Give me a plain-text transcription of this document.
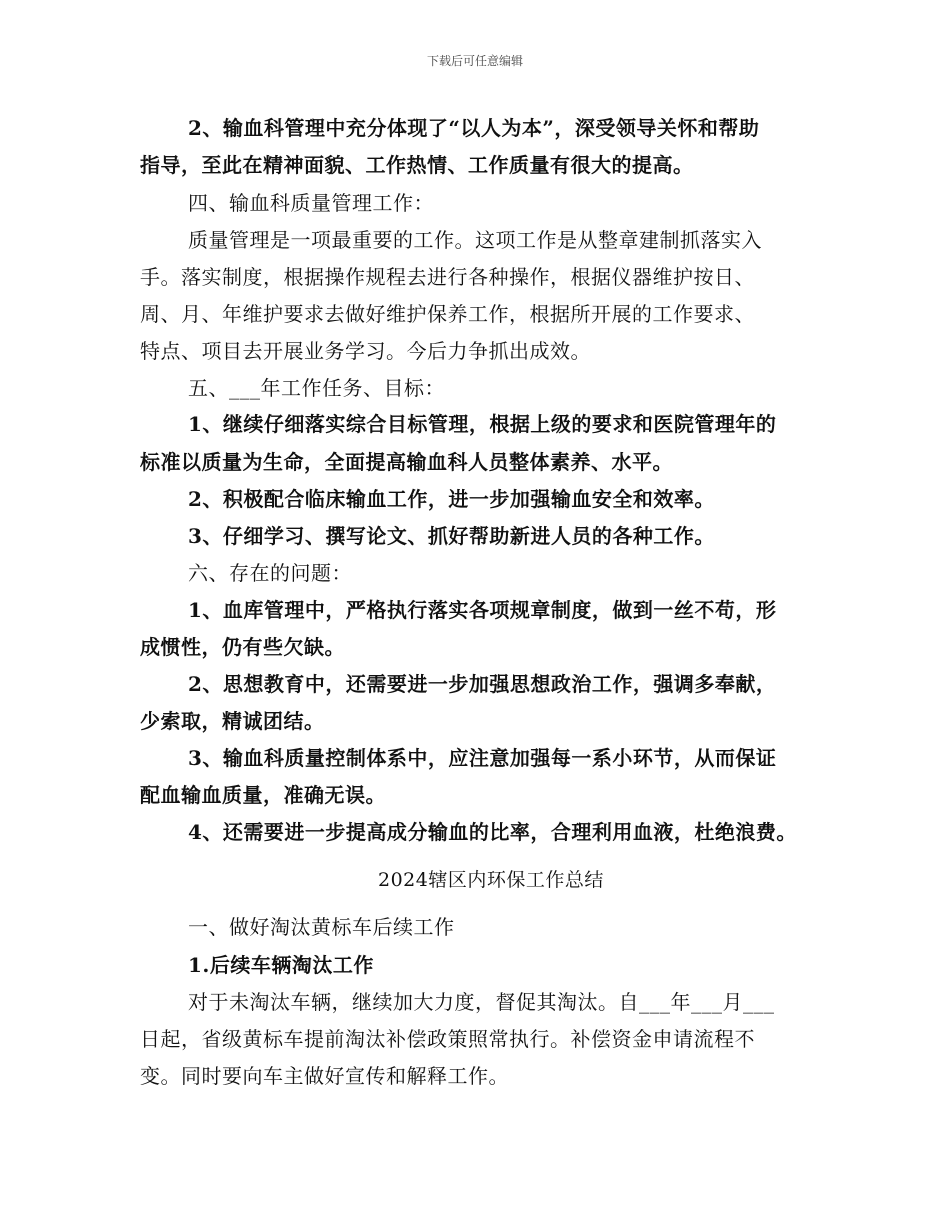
下载后可任意编辑
2、输血科管理中充分体现了“以人为本”，深受领导关怀和帮助
指导，至此在精神面貌、工作热情、工作质量有很大的提高。
四、输血科质量管理工作：
质量管理是一项最重要的工作。这项工作是从整章建制抓落实入
手。落实制度，根据操作规程去进行各种操作，根据仪器维护按日、
周、月、年维护要求去做好维护保养工作，根据所开展的工作要求、
特点、项目去开展业务学习。今后力争抓出成效。
五、___年工作任务、目标：
1、继续仔细落实综合目标管理，根据上级的要求和医院管理年的
标准以质量为生命，全面提高输血科人员整体素养、水平。
2、积极配合临床输血工作，进一步加强输血安全和效率。
3、仔细学习、撰写论文、抓好帮助新进人员的各种工作。
六、存在的问题：
1、血库管理中，严格执行落实各项规章制度，做到一丝不苟，形
成惯性，仍有些欠缺。
2、思想教育中，还需要进一步加强思想政治工作，强调多奉献，
少索取，精诚团结。
3、输血科质量控制体系中，应注意加强每一系小环节，从而保证
配血输血质量，准确无误。
4、还需要进一步提高成分输血的比率，合理利用血液，杜绝浪费。
2024辖区内环保工作总结
一、做好淘汰黄标车后续工作
1.后续车辆淘汰工作
对于未淘汰车辆，继续加大力度，督促其淘汰。自___年___月___
日起，省级黄标车提前淘汰补偿政策照常执行。补偿资金申请流程不
变。同时要向车主做好宣传和解释工作。
